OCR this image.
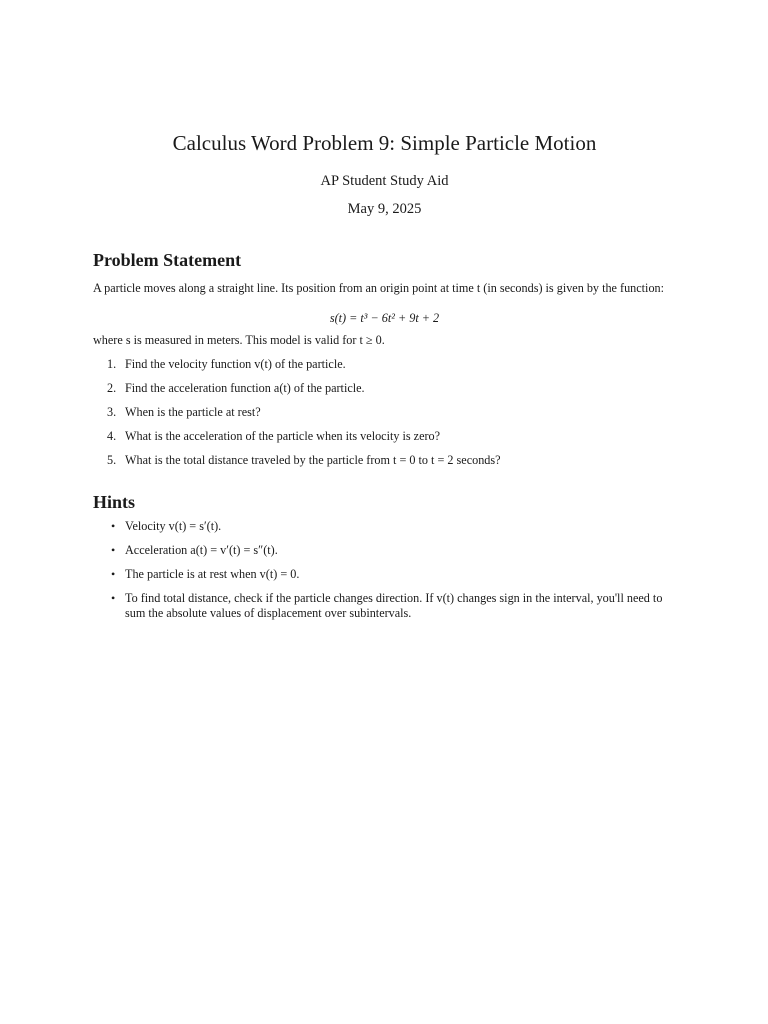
Calculus Word Problem 9: Simple Particle Motion
AP Student Study Aid
May 9, 2025
Problem Statement

A particle moves along a straight line. Its position from an origin point at time t (in seconds) is given by the function:

s(t) = t³ − 6t² + 9t + 2

where s is measured in meters. This model is valid for t ≥ 0.

1. Find the velocity function v(t) of the particle.
2. Find the acceleration function a(t) of the particle.
3. When is the particle at rest?
4. What is the acceleration of the particle when its velocity is zero?
5. What is the total distance traveled by the particle from t = 0 to t = 2 seconds?
Hints
• Velocity v(t) = s′(t).
• Acceleration a(t) = v′(t) = s″(t).
• The particle is at rest when v(t) = 0.
• To find total distance, check if the particle changes direction. If v(t) changes sign in the interval, you'll need to sum the absolute values of displacement over subintervals.
